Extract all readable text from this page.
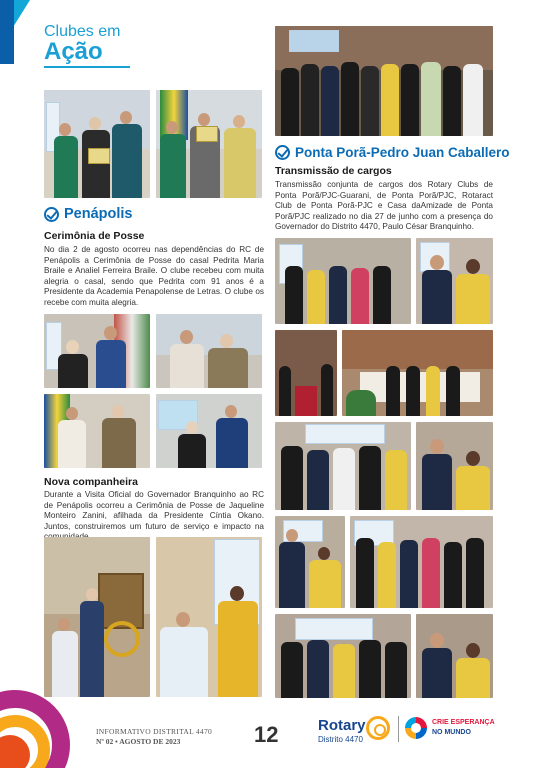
Clubes em
Ação
Penápolis
Cerimônia de Posse
No dia 2 de agosto ocorreu nas dependências do RC de Penápolis a Cerimônia de Posse do casal Pedrita Maria Braile e Analiel Ferreira Braile. O clube recebeu com muita alegria o casal, sendo que Pedrita com 91 anos é a Presidente da Academia Penapolense de Letras. O clube os recebe com muita alegria.
Nova companheira
Durante a Visita Oficial do Governador Branquinho ao RC de Penápolis ocorreu a Cerimônia de Posse de Jaqueline Monteiro Zanini, afilhada da Presidente Cíntia Okano. Juntos, construiremos um futuro de serviço e impacto na
Ponta Porã-Pedro Juan Caballero
Transmissão de cargos
Transmissão conjunta de cargos dos Rotary Clubs de Ponta Porã/PJC-Guarani, de Ponta Porã/PJC, Rotaract Club de Ponta Porã-PJC e Casa daAmizade de Ponta Porã/PJC realizado no dia 27 de junho com a presença do Governador do Distrito 4470, Paulo César Branquinho.
INFORMATIVO DISTRITAL 4470
Nº 02 • AGOSTO DE 2023	12	Rotary
Distrito 4470
CRIE ESPERANÇA
NO MUNDO
